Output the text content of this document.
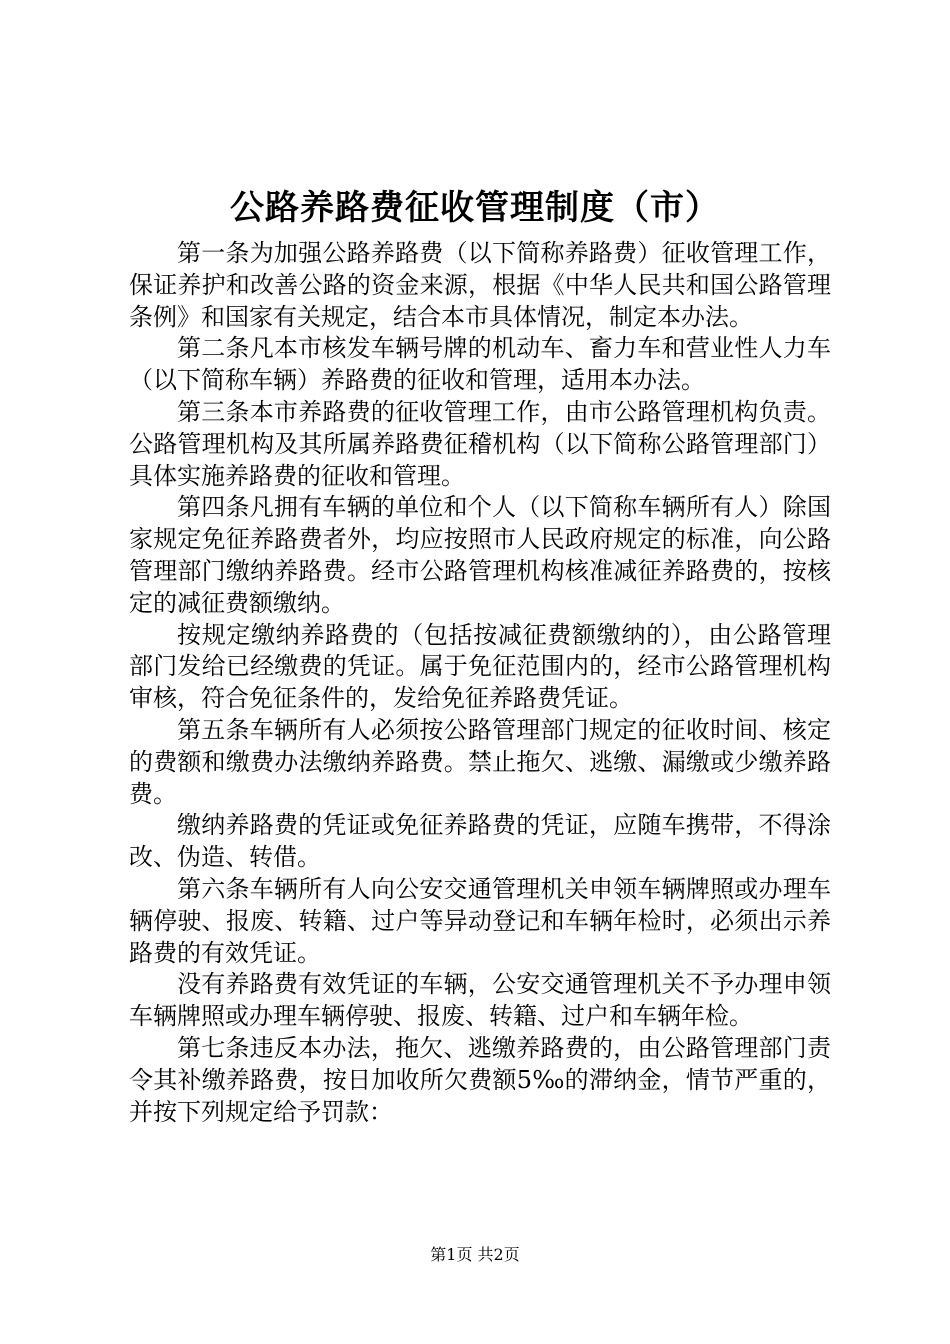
公路养路费征收管理制度（市）

第一条为加强公路养路费（以下简称养路费）征收管理工作，保证养护和改善公路的资金来源，根据《中华人民共和国公路管理条例》和国家有关规定，结合本市具体情况，制定本办法。

第二条凡本市核发车辆号牌的机动车、畜力车和营业性人力车（以下简称车辆）养路费的征收和管理，适用本办法。

第三条本市养路费的征收管理工作，由市公路管理机构负责。公路管理机构及其所属养路费征稽机构（以下简称公路管理部门）具体实施养路费的征收和管理。

第四条凡拥有车辆的单位和个人（以下简称车辆所有人）除国家规定免征养路费者外，均应按照市人民政府规定的标准，向公路管理部门缴纳养路费。经市公路管理机构核准减征养路费的，按核定的减征费额缴纳。

按规定缴纳养路费的（包括按减征费额缴纳的），由公路管理部门发给已经缴费的凭证。属于免征范围内的，经市公路管理机构审核，符合免征条件的，发给免征养路费凭证。

第五条车辆所有人必须按公路管理部门规定的征收时间、核定的费额和缴费办法缴纳养路费。禁止拖欠、逃缴、漏缴或少缴养路费。

缴纳养路费的凭证或免征养路费的凭证，应随车携带，不得涂改、伪造、转借。

第六条车辆所有人向公安交通管理机关申领车辆牌照或办理车辆停驶、报废、转籍、过户等异动登记和车辆年检时，必须出示养路费的有效凭证。

没有养路费有效凭证的车辆，公安交通管理机关不予办理申领车辆牌照或办理车辆停驶、报废、转籍、过户和车辆年检。

第七条违反本办法，拖欠、逃缴养路费的，由公路管理部门责令其补缴养路费，按日加收所欠费额5‰的滞纳金，情节严重的，并按下列规定给予罚款：

第1页 共2页
